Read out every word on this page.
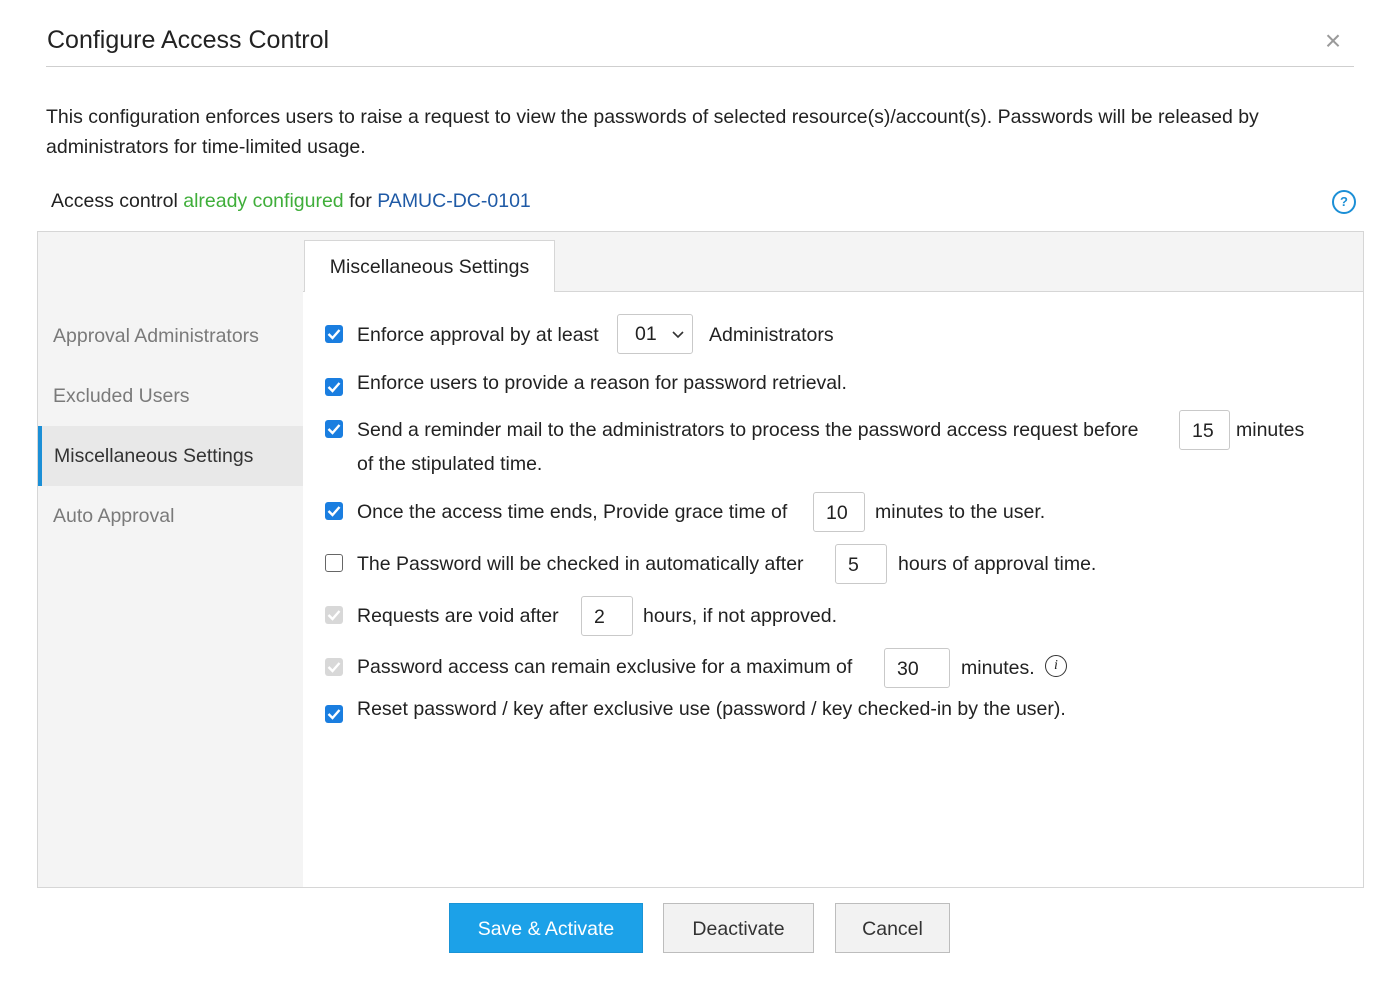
Configure Access Control	×
This configuration enforces users to raise a request to view the passwords of selected resource(s)/account(s). Passwords will be released by administrators for time-limited usage.
Access control already configured for PAMUC-DC-0101	?
Approval Administrators
Excluded Users
Miscellaneous Settings
Auto Approval
Miscellaneous Settings
Enforce approval by at least	01	Administrators
Enforce users to provide a reason for password retrieval.
Send a reminder mail to the administrators to process the password access request before	15	minutes
of the stipulated time.
Once the access time ends, Provide grace time of	10	minutes to the user.
The Password will be checked in automatically after	5	hours of approval time.
Requests are void after	2	hours, if not approved.
Password access can remain exclusive for a maximum of	30	minutes.	i
Reset password / key after exclusive use (password / key checked-in by the user).
Save & Activate	Deactivate	Cancel
